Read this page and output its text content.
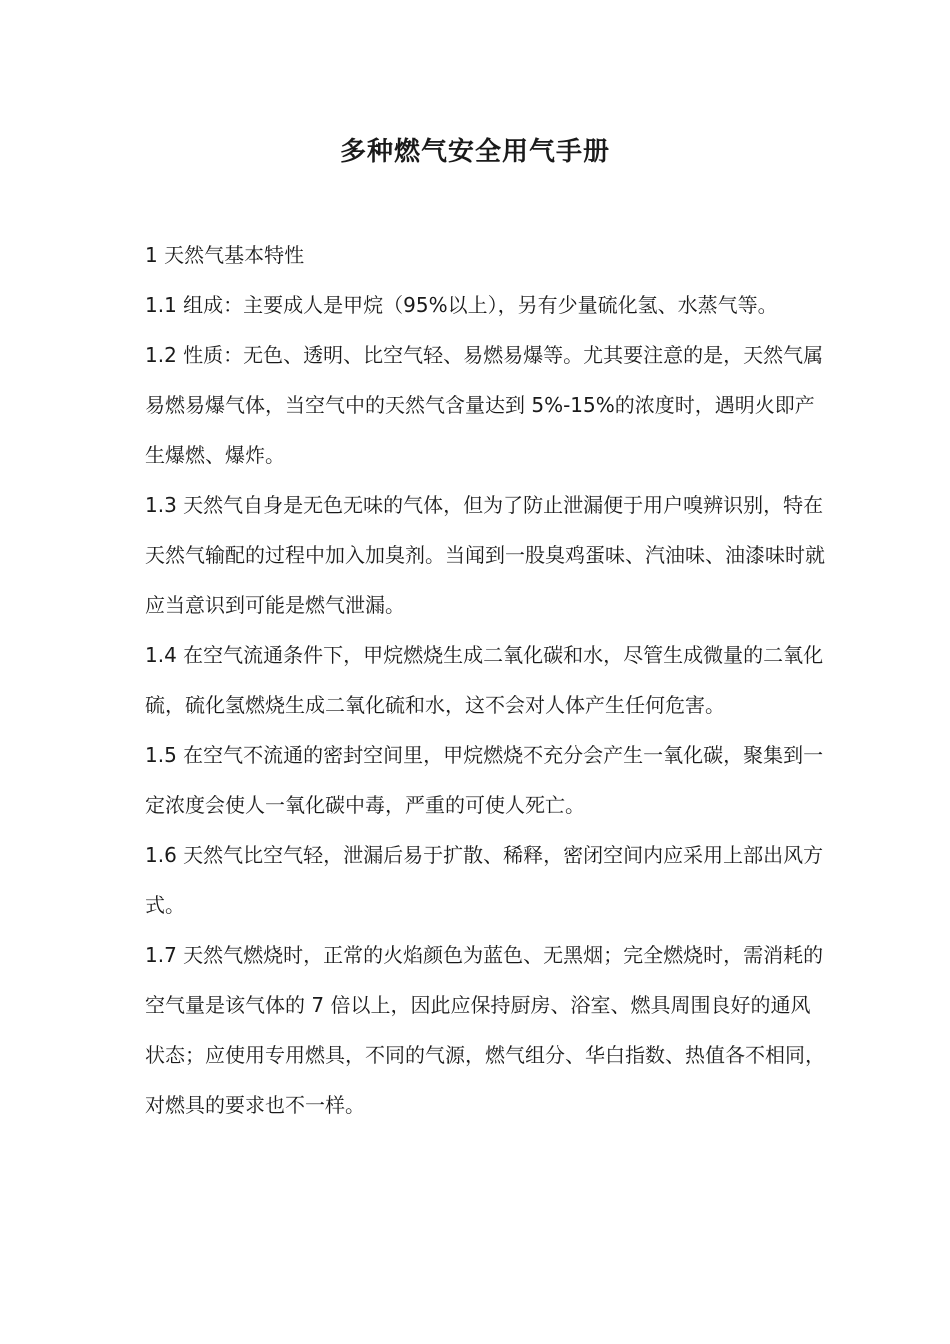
多种燃气安全用气手册

1 天然气基本特性

1.1 组成：主要成人是甲烷（95%以上），另有少量硫化氢、水蒸气等。

1.2 性质：无色、透明、比空气轻、易燃易爆等。尤其要注意的是，天然气属易燃易爆气体，当空气中的天然气含量达到 5%-15%的浓度时，遇明火即产生爆燃、爆炸。

1.3 天然气自身是无色无味的气体，但为了防止泄漏便于用户嗅辨识别，特在天然气输配的过程中加入加臭剂。当闻到一股臭鸡蛋味、汽油味、油漆味时就应当意识到可能是燃气泄漏。

1.4 在空气流通条件下，甲烷燃烧生成二氧化碳和水，尽管生成微量的二氧化硫，硫化氢燃烧生成二氧化硫和水，这不会对人体产生任何危害。

1.5 在空气不流通的密封空间里，甲烷燃烧不充分会产生一氧化碳，聚集到一定浓度会使人一氧化碳中毒，严重的可使人死亡。

1.6 天然气比空气轻，泄漏后易于扩散、稀释，密闭空间内应采用上部出风方式。

1.7 天然气燃烧时，正常的火焰颜色为蓝色、无黑烟；完全燃烧时，需消耗的空气量是该气体的 7 倍以上，因此应保持厨房、浴室、燃具周围良好的通风状态；应使用专用燃具，不同的气源，燃气组分、华白指数、热值各不相同，对燃具的要求也不一样。
